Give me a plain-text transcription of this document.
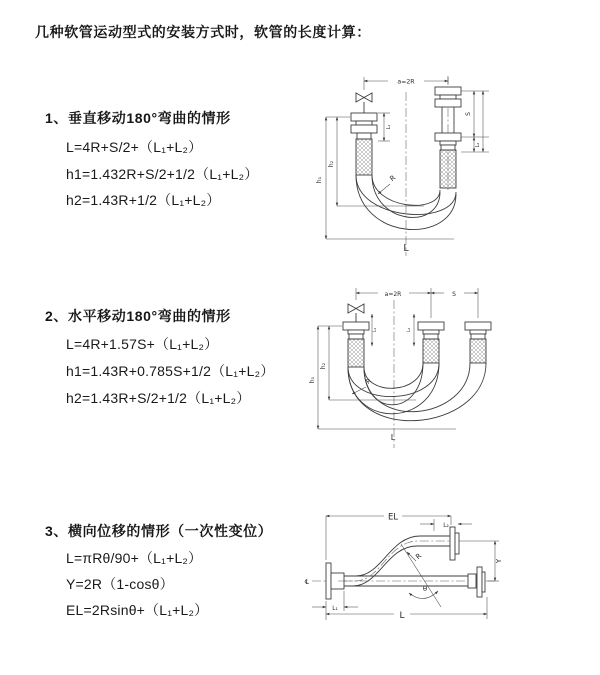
几种软管运动型式的安装方式时，软管的长度计算：
1、垂直移动180°弯曲的情形
L=4R+S/2+（L₁+L₂）
h1=1.432R+S/2+1/2（L₁+L₂）
h2=1.43R+1/2（L₁+L₂）
2、水平移动180°弯曲的情形
L=4R+1.57S+（L₁+L₂）
h1=1.43R+0.785S+1/2（L₁+L₂）
h2=1.43R+S/2+1/2（L₁+L₂）
3、横向位移的情形（一次性变位）
L=πRθ/90+（L₁+L₂）
Y=2R（1-cosθ）
EL=2Rsinθ+（L₁+L₂）
a=2R
h₁
h₂
L₁
S
L₂
R
L
a=2R	S
L₁	L₂
h₁
h₂
R
L
℄
EL
L₂
Y
θ
R
L₁
L
